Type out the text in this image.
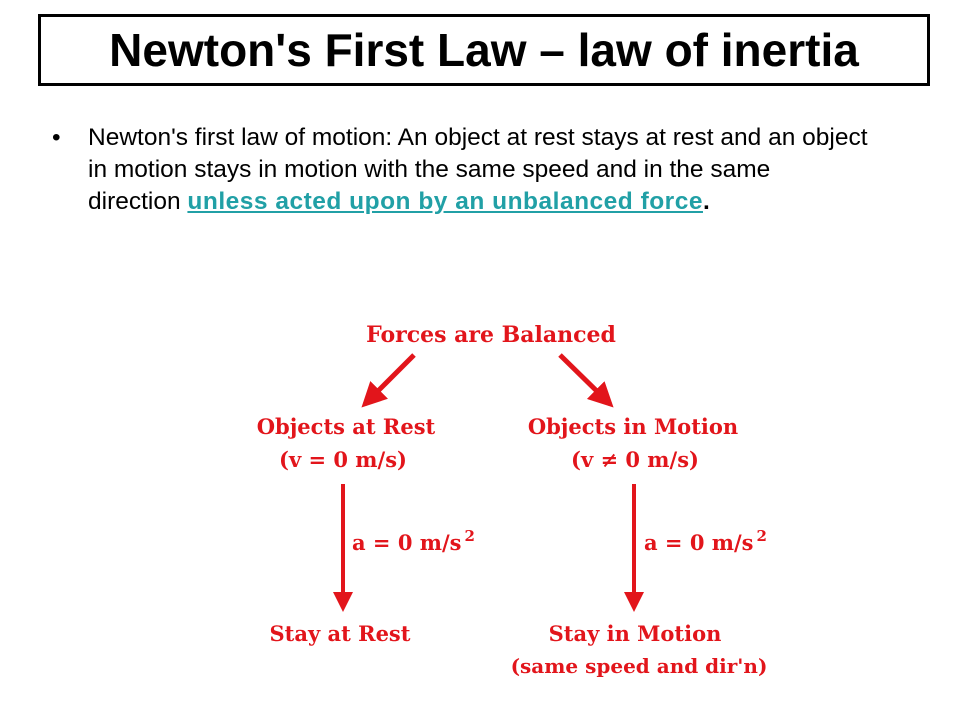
Newton's First Law – law of inertia
• Newton's first law of motion: An object at rest stays at rest and an object in motion stays in motion with the same speed and in the same direction unless acted upon by an unbalanced force.
Forces are Balanced
Objects at Rest
(v = 0 m/s)
Objects in Motion
(v ≠ 0 m/s)
a = 0 m/s $^2$	a = 0 m/s $^2$
Stay at Rest	Stay in Motion
(same speed and dir'n)
